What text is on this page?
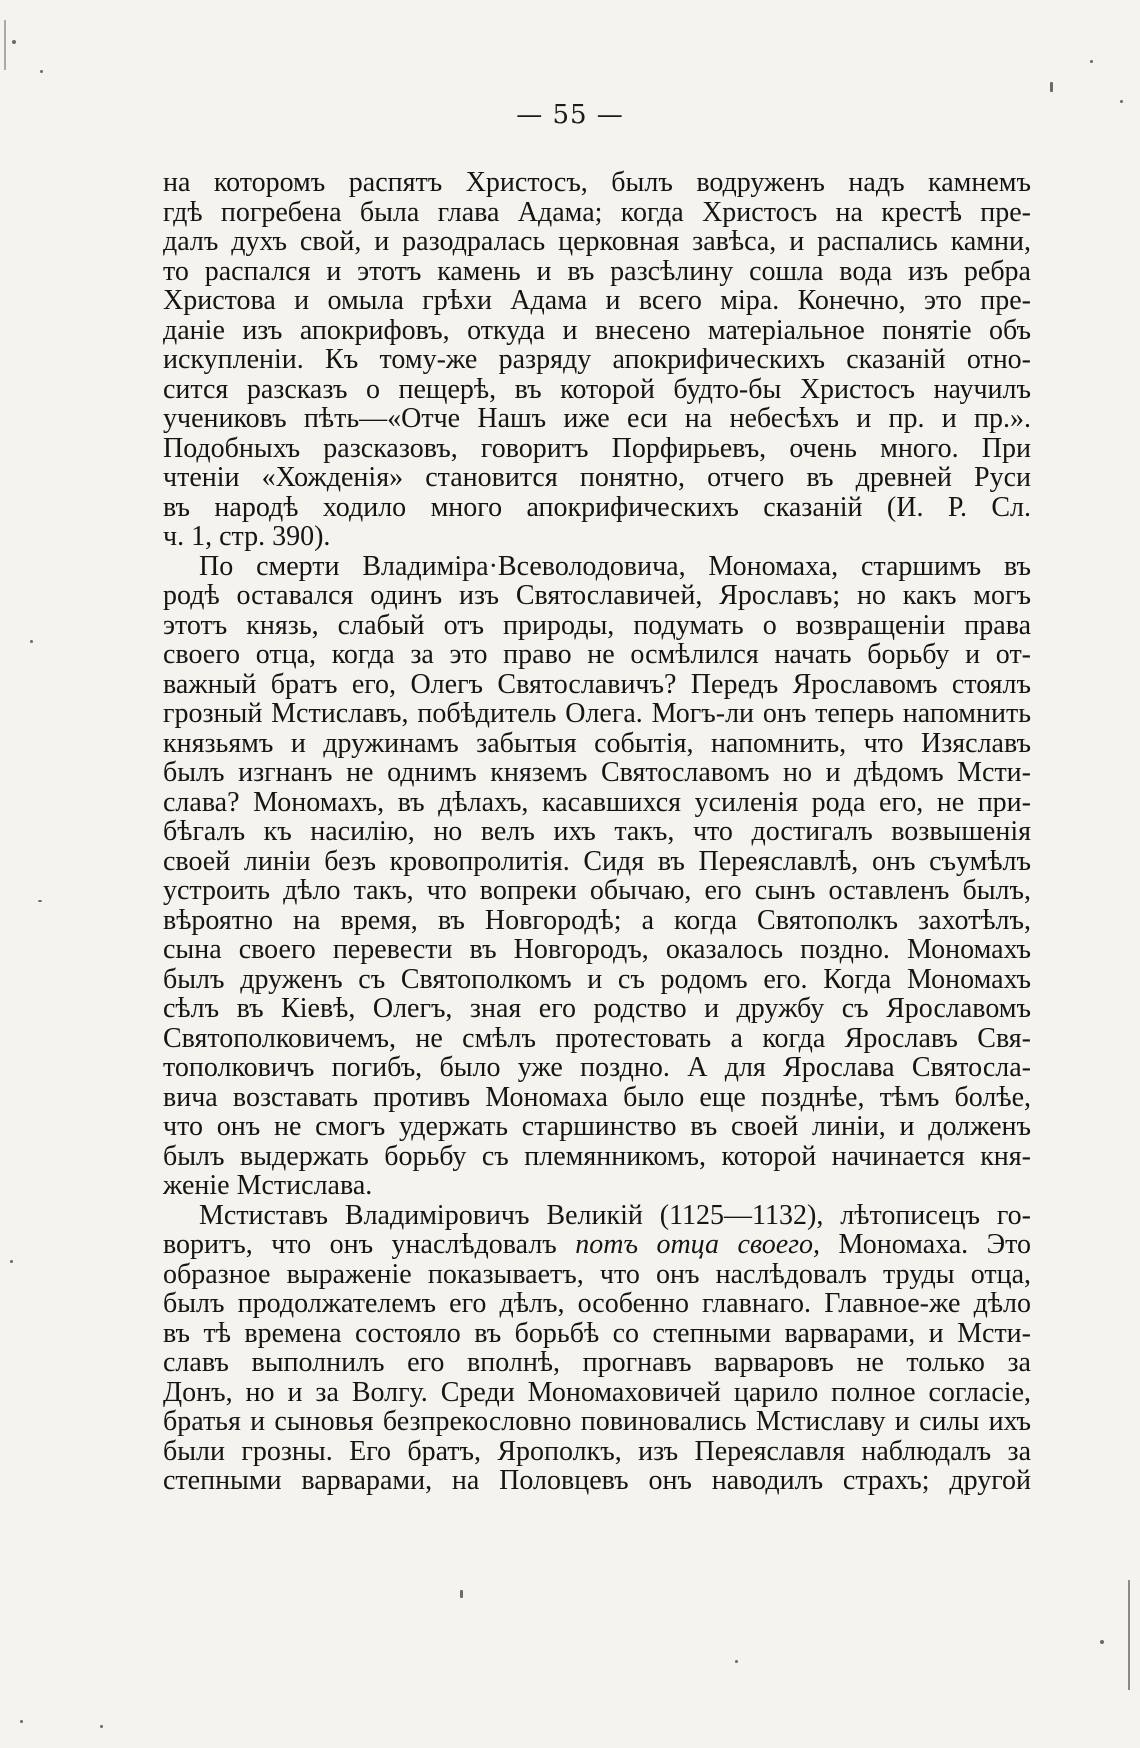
— 55 —

на которомъ распятъ Христосъ, былъ водруженъ надъ камнемъ
гдѣ погребена была глава Адама; когда Христосъ на крестѣ пре-
далъ духъ свой, и разодралась церковная завѣса, и распались камни,
то распался и этотъ камень и въ разсѣлину сошла вода изъ ребра
Христова и омыла грѣхи Адама и всего міра. Конечно, это пре-
даніе изъ апокрифовъ, откуда и внесено матеріальное понятіе объ
искупленіи. Къ тому-же разряду апокрифическихъ сказаній отно-
сится разсказъ о пещерѣ, въ которой будто-бы Христосъ научилъ
учениковъ пѣть—«Отче Нашъ иже еси на небесѣхъ и пр. и пр.».
Подобныхъ разсказовъ, говоритъ Порфирьевъ, очень много. При
чтеніи «Хожденія» становится понятно, отчего въ древней Руси
въ народѣ ходило много апокрифическихъ сказаній (И. Р. Сл.
ч. 1, стр. 390).

По смерти Владиміра·Всеволодовича, Мономаха, старшимъ въ
родѣ оставался одинъ изъ Святославичей, Ярославъ; но какъ могъ
этотъ князь, слабый отъ природы, подумать о возвращеніи права
своего отца, когда за это право не осмѣлился начать борьбу и от-
важный братъ его, Олегъ Святославичъ? Передъ Ярославомъ стоялъ
грозный Мстиславъ, побѣдитель Олега. Могъ-ли онъ теперь напомнить
князьямъ и дружинамъ забытыя событія, напомнить, что Изяславъ
былъ изгнанъ не однимъ княземъ Святославомъ но и дѣдомъ Мсти-
слава? Мономахъ, въ дѣлахъ, касавшихся усиленія рода его, не при-
бѣгалъ къ насилію, но велъ ихъ такъ, что достигалъ возвышенія
своей линіи безъ кровопролитія. Сидя въ Переяславлѣ, онъ съумѣлъ
устроить дѣло такъ, что вопреки обычаю, его сынъ оставленъ былъ,
вѣроятно на время, въ Новгородѣ; а когда Святополкъ захотѣлъ,
сына своего перевести въ Новгородъ, оказалось поздно. Мономахъ
былъ друженъ съ Святополкомъ и съ родомъ его. Когда Мономахъ
сѣлъ въ Кіевѣ, Олегъ, зная его родство и дружбу съ Ярославомъ
Святополковичемъ, не смѣлъ протестовать а когда Ярославъ Свя-
тополковичъ погибъ, было уже поздно. А для Ярослава Святосла-
вича возставать противъ Мономаха было еще позднѣе, тѣмъ болѣе,
что онъ не смогъ удержать старшинство въ своей линіи, и долженъ
былъ выдержать борьбу съ племянникомъ, которой начинается кня-
женіе Мстислава.

Мстиставъ Владиміровичъ Великій (1125—1132), лѣтописецъ го-
воритъ, что онъ унаслѣдовалъ потъ отца своего, Мономаха. Это
образное выраженіе показываетъ, что онъ наслѣдовалъ труды отца,
былъ продолжателемъ его дѣлъ, особенно главнаго. Главное-же дѣло
въ тѣ времена состояло въ борьбѣ со степными варварами, и Мсти-
славъ выполнилъ его вполнѣ, прогнавъ варваровъ не только за
Донъ, но и за Волгу. Среди Мономаховичей царило полное согласіе,
братья и сыновья безпрекословно повиновались Мстиславу и силы ихъ
были грозны. Его братъ, Ярополкъ, изъ Переяславля наблюдалъ за
степными варварами, на Половцевъ онъ наводилъ страхъ; другой
